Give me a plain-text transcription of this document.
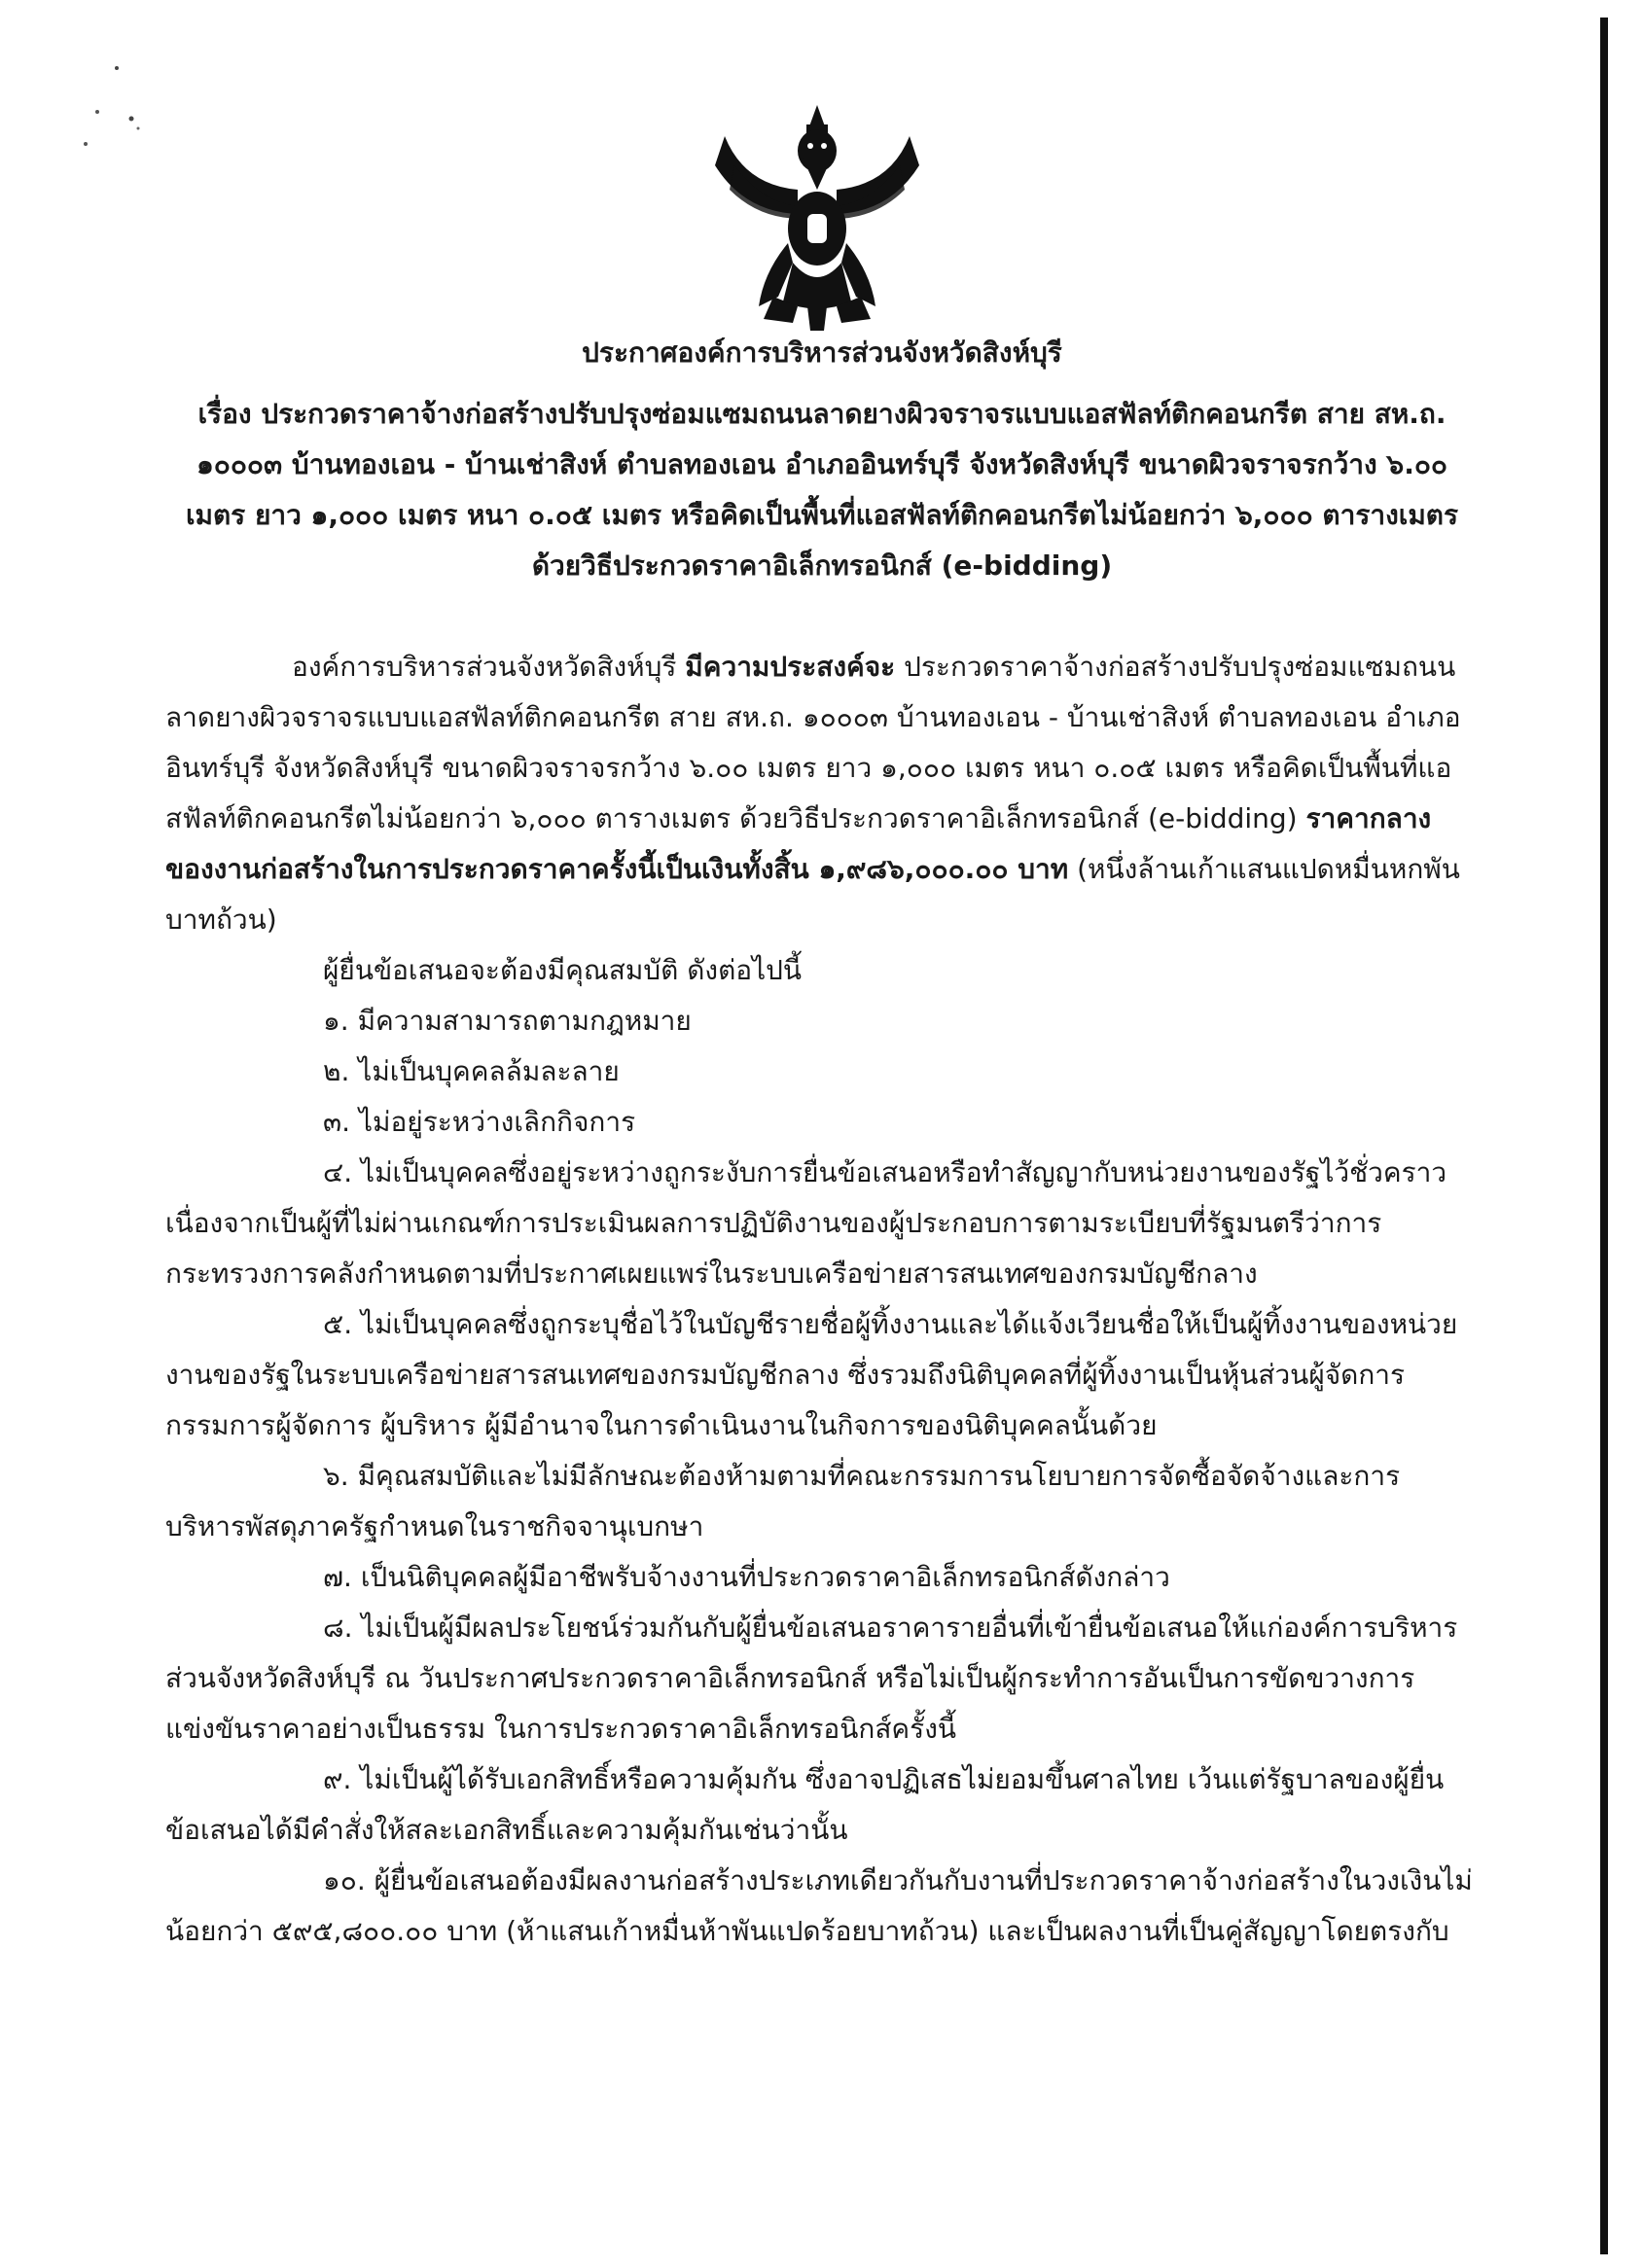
ประกาศองค์การบริหารส่วนจังหวัดสิงห์บุรี
เรื่อง ประกวดราคาจ้างก่อสร้างปรับปรุงซ่อมแซมถนนลาดยางผิวจราจรแบบแอสฟัลท์ติกคอนกรีต สาย สห.ถ.
๑๐๐๐๓ บ้านทองเอน - บ้านเช่าสิงห์ ตำบลทองเอน อำเภออินทร์บุรี จังหวัดสิงห์บุรี ขนาดผิวจราจรกว้าง ๖.๐๐
เมตร ยาว ๑,๐๐๐ เมตร หนา ๐.๐๕ เมตร หรือคิดเป็นพื้นที่แอสฟัลท์ติกคอนกรีตไม่น้อยกว่า ๖,๐๐๐ ตารางเมตร
ด้วยวิธีประกวดราคาอิเล็กทรอนิกส์ (e-bidding)

องค์การบริหารส่วนจังหวัดสิงห์บุรี มีความประสงค์จะ ประกวดราคาจ้างก่อสร้างปรับปรุงซ่อมแซมถนนลาดยางผิวจราจรแบบแอสฟัลท์ติกคอนกรีต สาย สห.ถ. ๑๐๐๐๓ บ้านทองเอน - บ้านเช่าสิงห์ ตำบลทองเอน อำเภออินทร์บุรี จังหวัดสิงห์บุรี ขนาดผิวจราจรกว้าง ๖.๐๐ เมตร ยาว ๑,๐๐๐ เมตร หนา ๐.๐๕ เมตร หรือคิดเป็นพื้นที่แอสฟัลท์ติกคอนกรีตไม่น้อยกว่า ๖,๐๐๐ ตารางเมตร ด้วยวิธีประกวดราคาอิเล็กทรอนิกส์ (e-bidding) ราคากลางของงานก่อสร้างในการประกวดราคาครั้งนี้เป็นเงินทั้งสิ้น ๑,๙๘๖,๐๐๐.๐๐ บาท (หนึ่งล้านเก้าแสนแปดหมื่นหกพันบาทถ้วน)

ผู้ยื่นข้อเสนอจะต้องมีคุณสมบัติ ดังต่อไปนี้

๑. มีความสามารถตามกฎหมาย

๒. ไม่เป็นบุคคลล้มละลาย

๓. ไม่อยู่ระหว่างเลิกกิจการ

๔. ไม่เป็นบุคคลซึ่งอยู่ระหว่างถูกระงับการยื่นข้อเสนอหรือทำสัญญากับหน่วยงานของรัฐไว้ชั่วคราว เนื่องจากเป็นผู้ที่ไม่ผ่านเกณฑ์การประเมินผลการปฏิบัติงานของผู้ประกอบการตามระเบียบที่รัฐมนตรีว่าการกระทรวงการคลังกำหนดตามที่ประกาศเผยแพร่ในระบบเครือข่ายสารสนเทศของกรมบัญชีกลาง

๕. ไม่เป็นบุคคลซึ่งถูกระบุชื่อไว้ในบัญชีรายชื่อผู้ทิ้งงานและได้แจ้งเวียนชื่อให้เป็นผู้ทิ้งงานของหน่วยงานของรัฐในระบบเครือข่ายสารสนเทศของกรมบัญชีกลาง ซึ่งรวมถึงนิติบุคคลที่ผู้ทิ้งงานเป็นหุ้นส่วนผู้จัดการ กรรมการผู้จัดการ ผู้บริหาร ผู้มีอำนาจในการดำเนินงานในกิจการของนิติบุคคลนั้นด้วย

๖. มีคุณสมบัติและไม่มีลักษณะต้องห้ามตามที่คณะกรรมการนโยบายการจัดซื้อจัดจ้างและการบริหารพัสดุภาครัฐกำหนดในราชกิจจานุเบกษา

๗. เป็นนิติบุคคลผู้มีอาชีพรับจ้างงานที่ประกวดราคาอิเล็กทรอนิกส์ดังกล่าว

๘. ไม่เป็นผู้มีผลประโยชน์ร่วมกันกับผู้ยื่นข้อเสนอราคารายอื่นที่เข้ายื่นข้อเสนอให้แก่องค์การบริหารส่วนจังหวัดสิงห์บุรี ณ วันประกาศประกวดราคาอิเล็กทรอนิกส์ หรือไม่เป็นผู้กระทำการอันเป็นการขัดขวางการแข่งขันราคาอย่างเป็นธรรม ในการประกวดราคาอิเล็กทรอนิกส์ครั้งนี้

๙. ไม่เป็นผู้ได้รับเอกสิทธิ์หรือความคุ้มกัน ซึ่งอาจปฏิเสธไม่ยอมขึ้นศาลไทย เว้นแต่รัฐบาลของผู้ยื่นข้อเสนอได้มีคำสั่งให้สละเอกสิทธิ์และความคุ้มกันเช่นว่านั้น

๑๐. ผู้ยื่นข้อเสนอต้องมีผลงานก่อสร้างประเภทเดียวกันกับงานที่ประกวดราคาจ้างก่อสร้างในวงเงินไม่น้อยกว่า ๕๙๕,๘๐๐.๐๐ บาท (ห้าแสนเก้าหมื่นห้าพันแปดร้อยบาทถ้วน) และเป็นผลงานที่เป็นคู่สัญญาโดยตรงกับ
